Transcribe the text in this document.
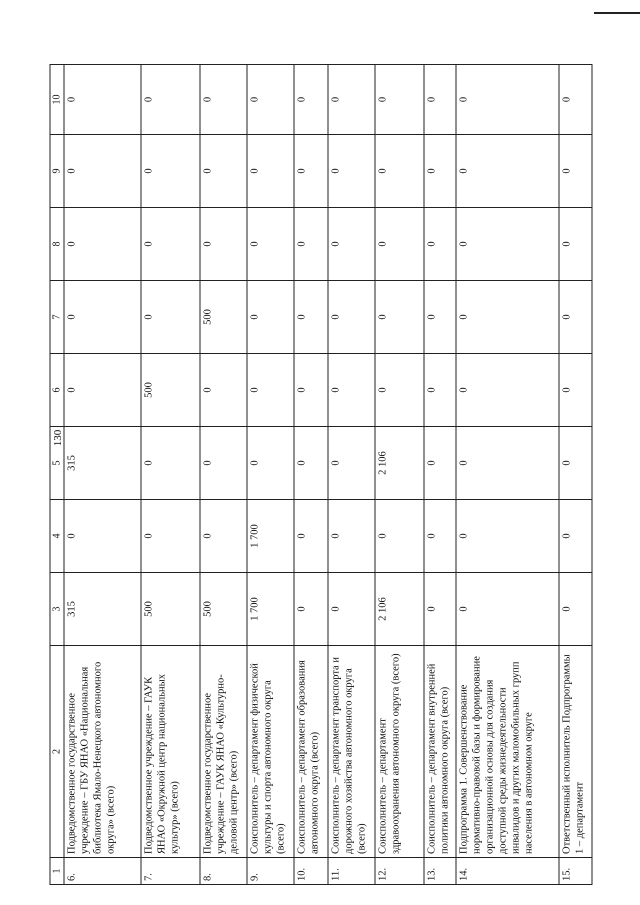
130
1	2	3	4	5	6	7	8	9	10
6.	Подведомственное государственное учреждение – ГБУ ЯНАО «Национальная библиотека Ямало-Ненецкого автономного округа» (всего)	315	0	315	0	0	0	0	0
7.	Подведомственное учреждение – ГАУК ЯНАО «Окружной центр национальных культур» (всего)	500	0	0	500	0	0	0	0
8.	Подведомственное государственное учреждение – ГАУК ЯНАО «Культурно-деловой центр» (всего)	500	0	0	0	500	0	0	0
9.	Соисполнитель – департамент физической культуры и спорта автономного округа (всего)	1 700	1 700	0	0	0	0	0	0
10.	Соисполнитель – департамент образования автономного округа (всего)	0	0	0	0	0	0	0	0
11.	Соисполнитель – департамент транспорта и дорожного хозяйства автономного округа (всего)	0	0	0	0	0	0	0	0
12.	Соисполнитель – департамент здравоохранения автономного округа (всего)	2 106	0	2 106	0	0	0	0	0
13.	Соисполнитель – департамент внутренней политики автономного округа (всего)	0	0	0	0	0	0	0	0
14.	Подпрограмма 1. Совершенствование нормативно-правовой базы и формирование организационной основы для создания доступной среды жизнедеятельности инвалидов и других маломобильных групп населения в автономном округе	0	0	0	0	0	0	0	0
15.	Ответственный исполнитель Подпрограммы 1 – департамент	0	0	0	0	0	0	0	0
